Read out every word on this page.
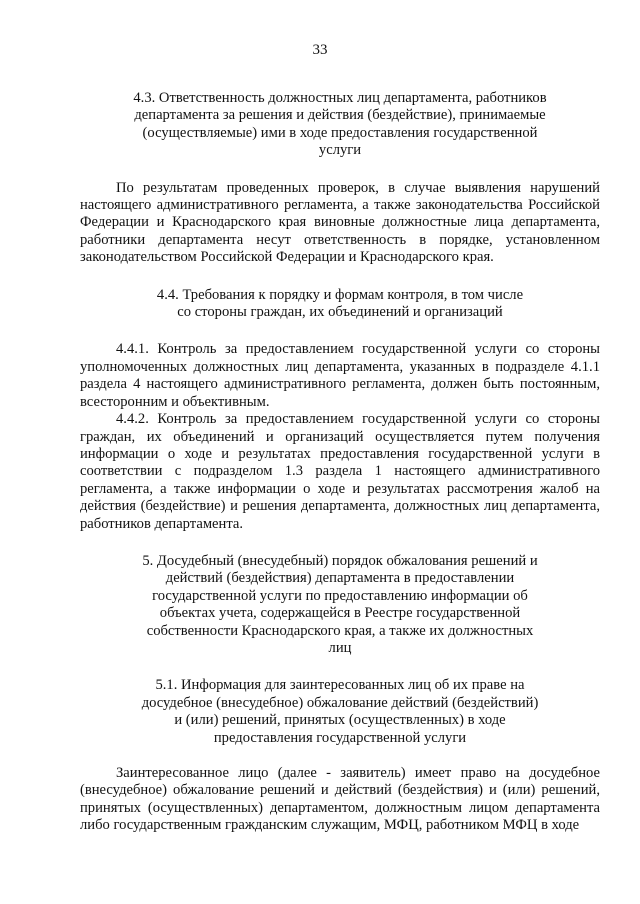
33

4.3. Ответственность должностных лиц департамента, работников департамента за решения и действия (бездействие), принимаемые (осуществляемые) ими в ходе предоставления государственной услуги

По результатам проведенных проверок, в случае выявления нарушений настоящего административного регламента, а также законодательства Российской Федерации и Краснодарского края виновные должностные лица департамента, работники департамента несут ответственность в порядке, установленном законодательством Российской Федерации и Краснодарского края.

4.4. Требования к порядку и формам контроля, в том числе со стороны граждан, их объединений и организаций

4.4.1. Контроль за предоставлением государственной услуги со стороны уполномоченных должностных лиц департамента, указанных в подразделе 4.1.1 раздела 4 настоящего административного регламента, должен быть постоянным, всесторонним и объективным.

4.4.2. Контроль за предоставлением государственной услуги со стороны граждан, их объединений и организаций осуществляется путем получения информации о ходе и результатах предоставления государственной услуги в соответствии с подразделом 1.3 раздела 1 настоящего административного регламента, а также информации о ходе и результатах рассмотрения жалоб на действия (бездействие) и решения департамента, должностных лиц департамента, работников департамента.

5. Досудебный (внесудебный) порядок обжалования решений и действий (бездействия) департамента в предоставлении государственной услуги по предоставлению информации об объектах учета, содержащейся в Реестре государственной собственности Краснодарского края, а также их должностных лиц

5.1. Информация для заинтересованных лиц об их праве на досудебное (внесудебное) обжалование действий (бездействий) и (или) решений, принятых (осуществленных) в ходе предоставления государственной услуги

Заинтересованное лицо (далее - заявитель) имеет право на досудебное (внесудебное) обжалование решений и действий (бездействия) и (или) решений, принятых (осуществленных) департаментом, должностным лицом департамента либо государственным гражданским служащим, МФЦ, работником МФЦ в ходе
